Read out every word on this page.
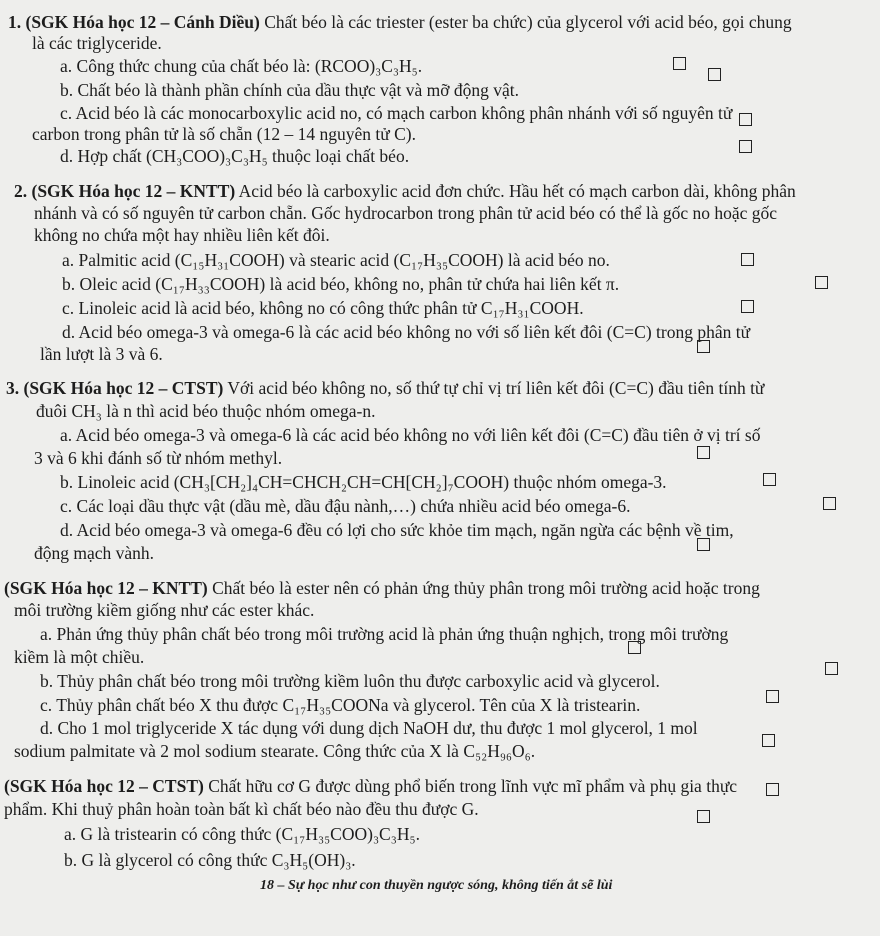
1. (SGK Hóa học 12 – Cánh Diều) Chất béo là các triester (ester ba chức) của glycerol với acid béo, gọi chung
là các triglyceride.
a. Công thức chung của chất béo là: (RCOO)₃C₃H₅.
b. Chất béo là thành phần chính của dầu thực vật và mỡ động vật.
c. Acid béo là các monocarboxylic acid no, có mạch carbon không phân nhánh với số nguyên tử
carbon trong phân tử là số chẵn (12 – 14 nguyên tử C).
d. Hợp chất (CH₃COO)₃C₃H₅ thuộc loại chất béo.
2. (SGK Hóa học 12 – KNTT) Acid béo là carboxylic acid đơn chức. Hầu hết có mạch carbon dài, không phân
nhánh và có số nguyên tử carbon chẵn. Gốc hydrocarbon trong phân tử acid béo có thể là gốc no hoặc gốc
không no chứa một hay nhiều liên kết đôi.
a. Palmitic acid (C₁₅H₃₁COOH) và stearic acid (C₁₇H₃₅COOH) là acid béo no.
b. Oleic acid (C₁₇H₃₃COOH) là acid béo, không no, phân tử chứa hai liên kết π.
c. Linoleic acid là acid béo, không no có công thức phân tử C₁₇H₃₁COOH.
d. Acid béo omega-3 và omega-6 là các acid béo không no với số liên kết đôi (C=C) trong phân tử
lần lượt là 3 và 6.
3. (SGK Hóa học 12 – CTST) Với acid béo không no, số thứ tự chỉ vị trí liên kết đôi (C=C) đầu tiên tính từ
đuôi CH₃ là n thì acid béo thuộc nhóm omega-n.
a. Acid béo omega-3 và omega-6 là các acid béo không no với liên kết đôi (C=C) đầu tiên ở vị trí số
3 và 6 khi đánh số từ nhóm methyl.
b. Linoleic acid (CH₃[CH₂]₄CH=CHCH₂CH=CH[CH₂]₇COOH) thuộc nhóm omega-3.
c. Các loại dầu thực vật (dầu mè, dầu đậu nành,…) chứa nhiều acid béo omega-6.
d. Acid béo omega-3 và omega-6 đều có lợi cho sức khỏe tim mạch, ngăn ngừa các bệnh về tim,
động mạch vành.
(SGK Hóa học 12 – KNTT) Chất béo là ester nên có phản ứng thủy phân trong môi trường acid hoặc trong
môi trường kiềm giống như các ester khác.
a. Phản ứng thủy phân chất béo trong môi trường acid là phản ứng thuận nghịch, trong môi trường
kiềm là một chiều.
b. Thủy phân chất béo trong môi trường kiềm luôn thu được carboxylic acid và glycerol.
c. Thủy phân chất béo X thu được C₁₇H₃₅COONa và glycerol. Tên của X là tristearin.
d. Cho 1 mol triglyceride X tác dụng với dung dịch NaOH dư, thu được 1 mol glycerol, 1 mol
sodium palmitate và 2 mol sodium stearate. Công thức của X là C₅₂H₉₆O₆.
(SGK Hóa học 12 – CTST) Chất hữu cơ G được dùng phổ biến trong lĩnh vực mĩ phẩm và phụ gia thực
phẩm. Khi thuỷ phân hoàn toàn bất kì chất béo nào đều thu được G.
a. G là tristearin có công thức (C₁₇H₃₅COO)₃C₃H₅.
b. G là glycerol có công thức C₃H₅(OH)₃.
18 – Sự học như con thuyền ngược sóng, không tiến ắt sẽ lùi
